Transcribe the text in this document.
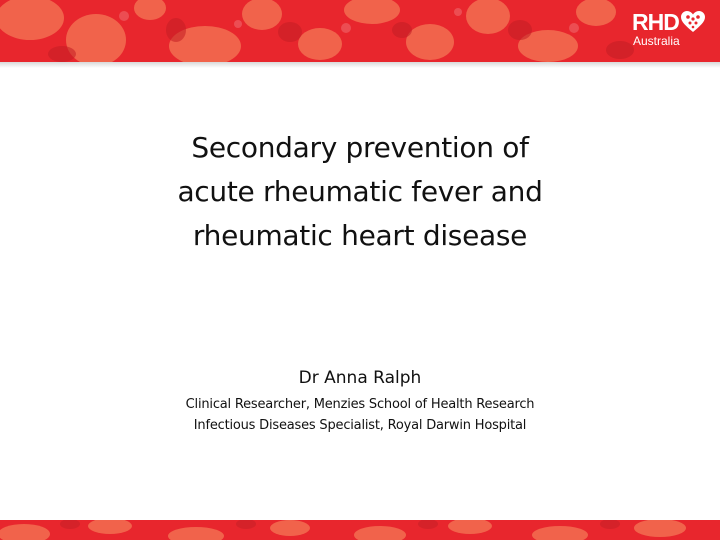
RHD
Australia
Secondary prevention of
acute rheumatic fever and
rheumatic heart disease
Dr Anna Ralph
Clinical Researcher, Menzies School of Health Research
Infectious Diseases Specialist, Royal Darwin Hospital
